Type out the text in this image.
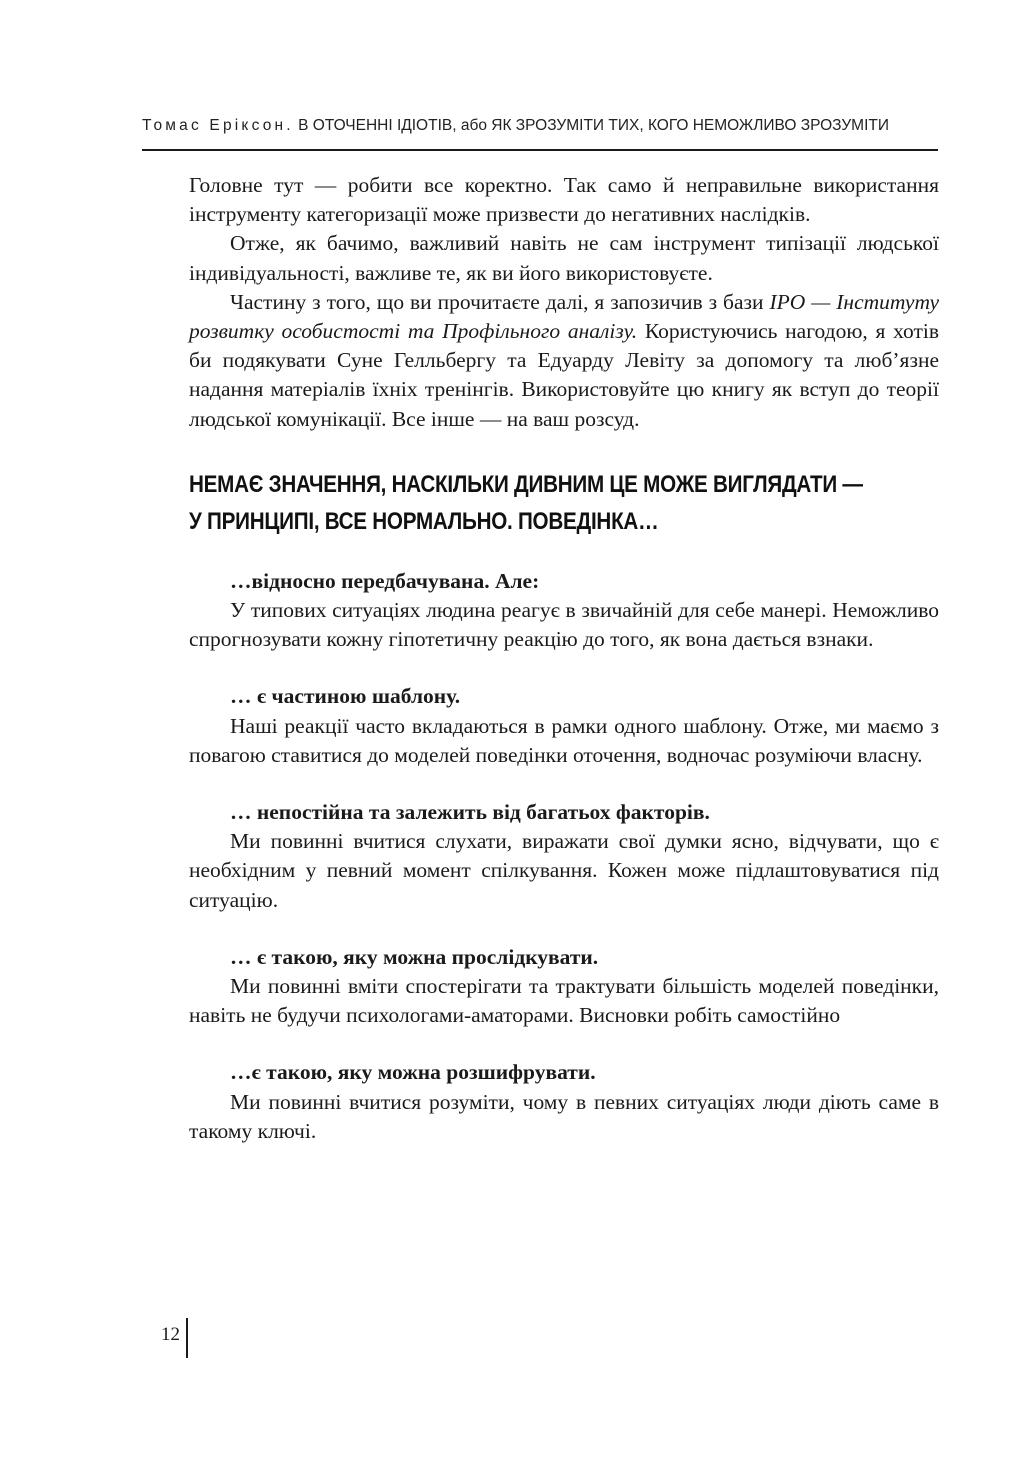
Томас Еріксон. В ОТОЧЕННІ ІДІОТІВ, або ЯК ЗРОЗУМІТИ ТИХ, КОГО НЕМОЖЛИВО ЗРОЗУМІТИ

Головне тут — робити все коректно. Так само й неправильне використання інструменту категоризації може призвести до негативних наслідків.

Отже, як бачимо, важливий навіть не сам інструмент типізації людської індивідуальності, важливе те, як ви його використовуєте.

Частину з того, що ви прочитаєте далі, я запозичив з бази IPO — Інституту розвитку особистості та Профільного аналізу. Користуючись нагодою, я хотів би подякувати Суне Гелльбергу та Едуарду Левіту за допомогу та люб’язне надання матеріалів їхніх тренінгів. Використовуйте цю книгу як вступ до теорії людської комунікації. Все інше — на ваш розсуд.

НЕМАЄ ЗНАЧЕННЯ, НАСКІЛЬКИ ДИВНИМ ЦЕ МОЖЕ ВИГЛЯДАТИ —
У ПРИНЦИПІ, ВСЕ НОРМАЛЬНО. ПОВЕДІНКА…

…відносно передбачувана. Але:

У типових ситуаціях людина реагує в звичайній для себе манері. Неможливо спрогнозувати кожну гіпотетичну реакцію до того, як вона дається взнаки.

… є частиною шаблону.

Наші реакції часто вкладаються в рамки одного шаблону. Отже, ми маємо з повагою ставитися до моделей поведінки оточення, водночас розуміючи власну.

… непостійна та залежить від багатьох факторів.

Ми повинні вчитися слухати, виражати свої думки ясно, відчувати, що є необхідним у певний момент спілкування. Кожен може підлаштовуватися під ситуацію.

… є такою, яку можна прослідкувати.

Ми повинні вміти спостерігати та трактувати більшість моделей поведінки, навіть не будучи психологами-аматорами. Висновки робіть самостійно

…є такою, яку можна розшифрувати.

Ми повинні вчитися розуміти, чому в певних ситуаціях люди діють саме в такому ключі.

12
